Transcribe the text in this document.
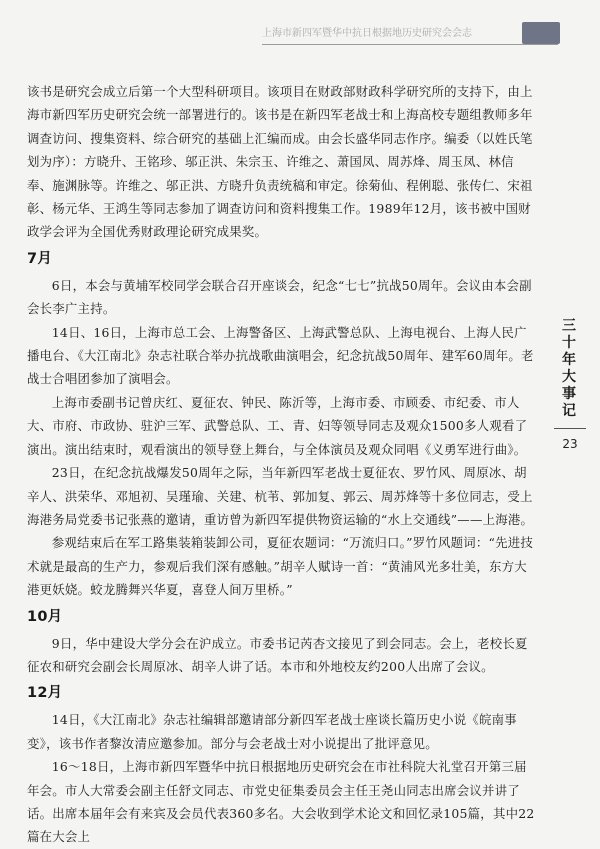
上海市新四军暨华中抗日根据地历史研究会会志

该书是研究会成立后第一个大型科研项目。该项目在财政部财政科学研究所的支持下，由上海市新四军历史研究会统一部署进行的。该书是在新四军老战士和上海高校专题组教师多年调查访问、搜集资料、综合研究的基础上汇编而成。由会长盛华同志作序。编委（以姓氏笔划为序）：方晓升、王铭珍、邬正洪、朱宗玉、许维之、萧国凤、周苏烽、周玉凤、林信奉、施渊脉等。许维之、邬正洪、方晓升负责统稿和审定。徐菊仙、程俐聪、张传仁、宋祖彰、杨元华、王鸿生等同志参加了调查访问和资料搜集工作。1989年12月，该书被中国财政学会评为全国优秀财政理论研究成果奖。

7月

6日，本会与黄埔军校同学会联合召开座谈会，纪念“七七”抗战50周年。会议由本会副会长李广主持。

14日、16日，上海市总工会、上海警备区、上海武警总队、上海电视台、上海人民广播电台、《大江南北》杂志社联合举办抗战歌曲演唱会，纪念抗战50周年、建军60周年。老战士合唱团参加了演唱会。

上海市委副书记曾庆红、夏征农、钟民、陈沂等，上海市委、市顾委、市纪委、市人大、市府、市政协、驻沪三军、武警总队、工、青、妇等领导同志及观众1500多人观看了演出。演出结束时，观看演出的领导登上舞台，与全体演员及观众同唱《义勇军进行曲》。

23日，在纪念抗战爆发50周年之际，当年新四军老战士夏征农、罗竹风、周原冰、胡辛人、洪荣华、邓旭初、吴瑾瑜、关建、杭苇、郭加复、郭云、周苏烽等十多位同志，受上海港务局党委书记张燕的邀请，重访曾为新四军提供物资运输的“水上交通线”——上海港。

参观结束后在军工路集装箱装卸公司，夏征农题词：“万流归口。”罗竹风题词：“先进技术就是最高的生产力，参观后我们深有感触。”胡辛人赋诗一首：“黄浦风光多壮美，东方大港更妖娆。蛟龙腾舞兴华夏，喜登人间万里桥。”

10月

9日，华中建设大学分会在沪成立。市委书记芮杏文接见了到会同志。会上，老校长夏征农和研究会副会长周原冰、胡辛人讲了话。本市和外地校友约200人出席了会议。

12月

14日，《大江南北》杂志社编辑部邀请部分新四军老战士座谈长篇历史小说《皖南事变》，该书作者黎汝清应邀参加。部分与会老战士对小说提出了批评意见。

16～18日，上海市新四军暨华中抗日根据地历史研究会在市社科院大礼堂召开第三届年会。市人大常委会副主任舒文同志、市党史征集委员会主任王尧山同志出席会议并讲了话。出席本届年会有来宾及会员代表360多名。大会收到学术论文和回忆录105篇，其中22篇在大会上

三十年大事记
23
